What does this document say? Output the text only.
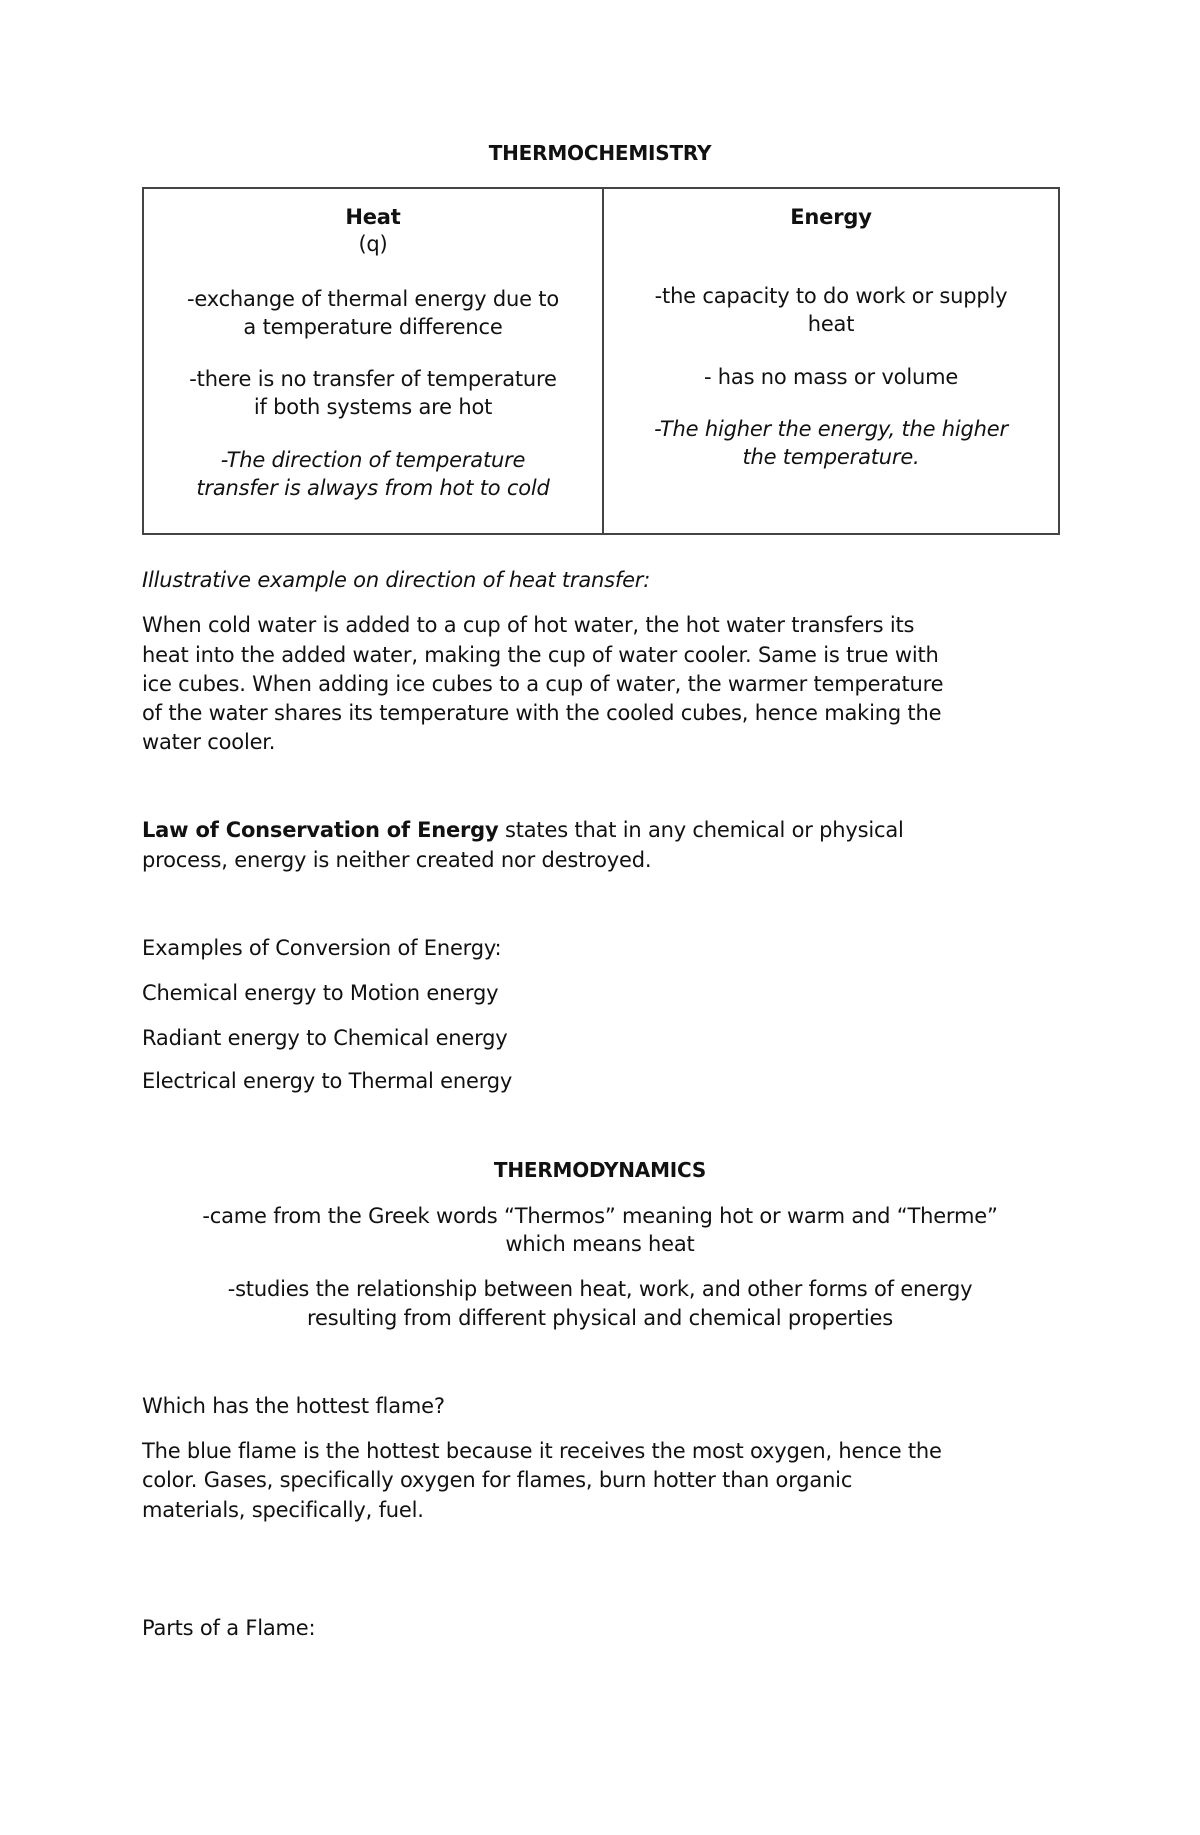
THERMOCHEMISTRY
Heat
(q)
-exchange of thermal energy due to
a temperature difference
-there is no transfer of temperature
if both systems are hot
-The direction of temperature
transfer is always from hot to cold
Energy
-the capacity to do work or supply
heat
- has no mass or volume
-The higher the energy, the higher
the temperature.
Illustrative example on direction of heat transfer:
When cold water is added to a cup of hot water, the hot water transfers its
heat into the added water, making the cup of water cooler. Same is true with
ice cubes. When adding ice cubes to a cup of water, the warmer temperature
of the water shares its temperature with the cooled cubes, hence making the
water cooler.
Law of Conservation of Energy states that in any chemical or physical
process, energy is neither created nor destroyed.
Examples of Conversion of Energy:
Chemical energy to Motion energy
Radiant energy to Chemical energy
Electrical energy to Thermal energy
THERMODYNAMICS
-came from the Greek words “Thermos” meaning hot or warm and “Therme”
which means heat
-studies the relationship between heat, work, and other forms of energy
resulting from different physical and chemical properties
Which has the hottest flame?
The blue flame is the hottest because it receives the most oxygen, hence the
color. Gases, specifically oxygen for flames, burn hotter than organic
materials, specifically, fuel.
Parts of a Flame:
